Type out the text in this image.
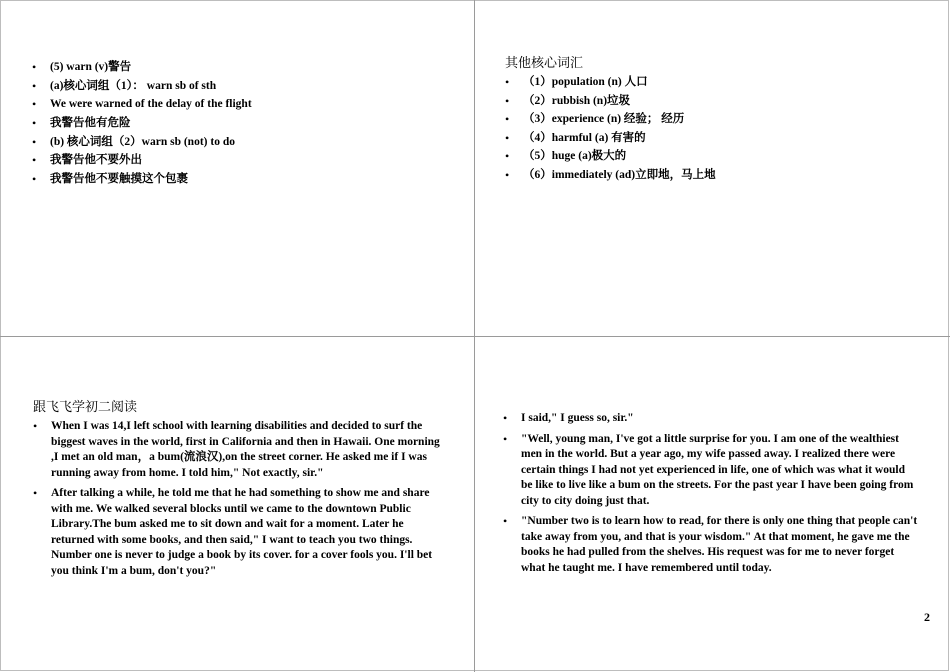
• (5) warn (v)警告
• (a)核心词组（1）： warn sb of sth
• We were warned of the delay of the flight
• 我警告他有危险
• (b) 核心词组（2）warn sb (not) to do
• 我警告他不要外出
• 我警告他不要触摸这个包裹
其他核心词汇
• （1）population (n) 人口
• （2）rubbish (n)垃圾
• （3）experience (n) 经验； 经历
• （4）harmful (a) 有害的
• （5）huge (a)极大的
• （6）immediately (ad)立即地，马上地
跟飞飞学初二阅读
• When I was 14,I left school with learning disabilities and decided to surf the biggest waves in the world, first in California and then in Hawaii. One morning ,I met an old man，a bum(流浪汉),on the street corner. He asked me if I was running away from home. I told him," Not exactly, sir."
• After talking a while, he told me that he had something to show me and share with me. We walked several blocks until we came to the downtown Public Library.The bum asked me to sit down and wait for a moment. Later he returned with some books, and then said," I want to teach you two things. Number one is never to judge a book by its cover. for a cover fools you. I'll bet you think I'm a bum, don't you?"
• I said," I guess so, sir."
• "Well, young man, I've got a little surprise for you. I am one of the wealthiest men in the world. But a year ago, my wife passed away. I realized there were certain things I had not yet experienced in life, one of which was what it would be like to live like a bum on the streets. For the past year I have been going from city to city doing just that.
• "Number two is to learn how to read, for there is only one thing that people can't take away from you, and that is your wisdom." At that moment, he gave me the books he had pulled from the shelves. His request was for me to never forget what he taught me. I have remembered until today.
2
